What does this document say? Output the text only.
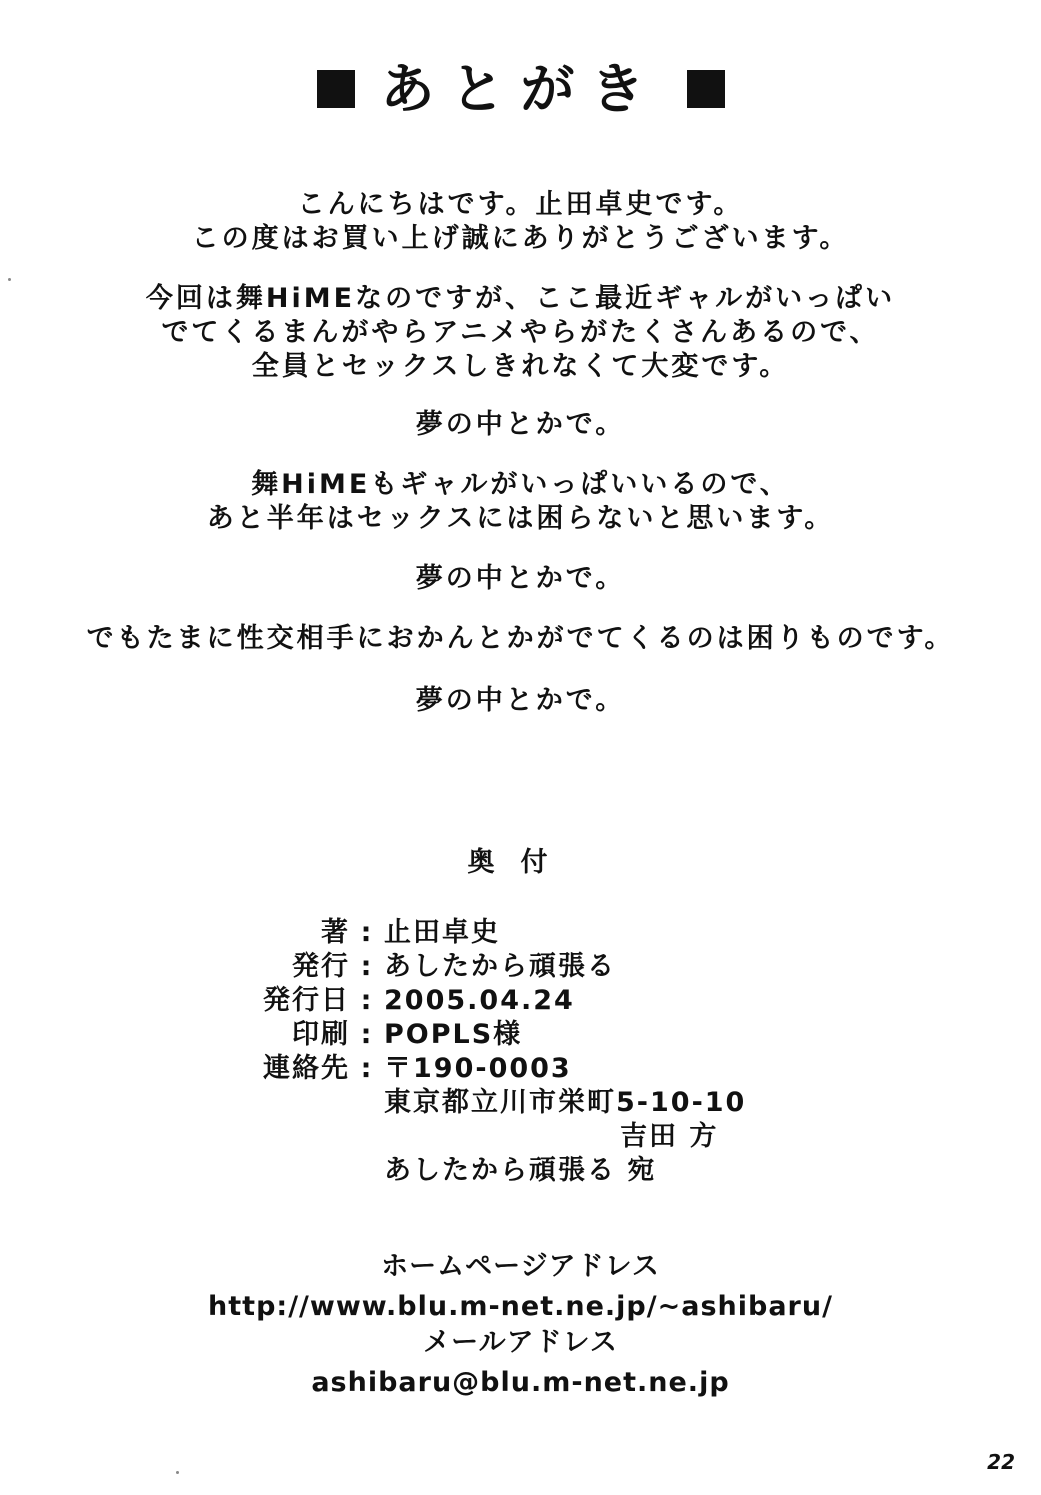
あとがき
こんにちはです。止田卓史です。
この度はお買い上げ誠にありがとうございます。
今回は舞HiMEなのですが、ここ最近ギャルがいっぱい
でてくるまんがやらアニメやらがたくさんあるので、
全員とセックスしきれなくて大変です。
夢の中とかで。
舞HiMEもギャルがいっぱいいるので、
あと半年はセックスには困らないと思います。
夢の中とかで。
でもたまに性交相手におかんとかがでてくるのは困りものです。
夢の中とかで。
奥付
著 : 止田卓史
発行 : あしたから頑張る
発行日 : 2005.04.24
印刷 : POPLS様
連絡先 : 〒190-0003
東京都立川市栄町5-10-10
吉田 方
あしたから頑張る 宛
ホームページアドレス
http://www.blu.m-net.ne.jp/~ashibaru/
メールアドレス
ashibaru@blu.m-net.ne.jp
22
